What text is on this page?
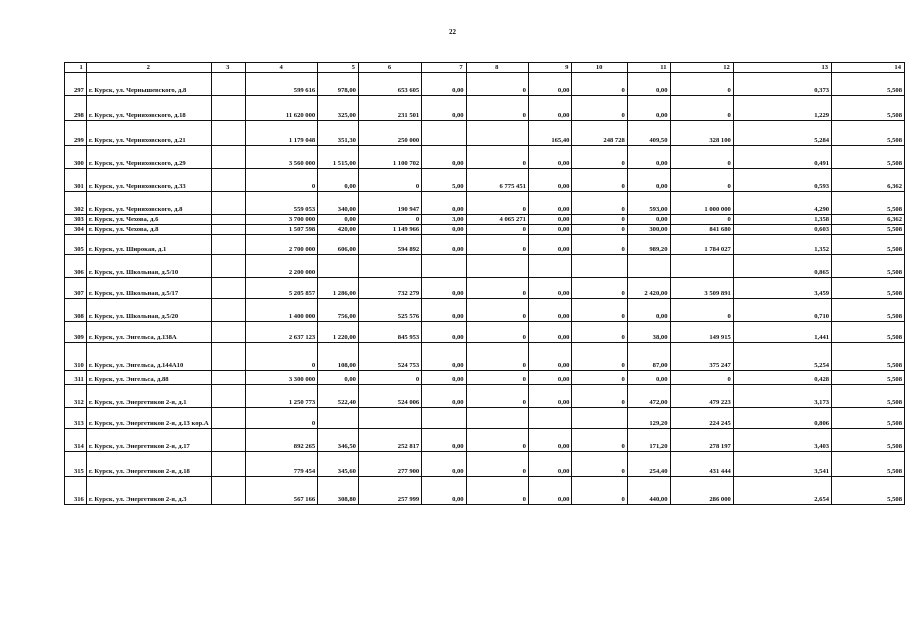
22
1	2	3	4	5	6	7	8	9	10	11	12	13	14
297	г. Курск, ул. Чернышевского, д.8		599 616	978,00	653 605	0,00	0	0,00	0	0,00	0	0,373	5,508
298	г. Курск, ул. Черняховского, д.18		11 620 000	325,00	231 501	0,00	0	0,00	0	0,00	0	1,229	5,508
299	г. Курск, ул. Черняховского, д.21		1 179 048	351,30	250 000			165,40	248 728	409,50	328 100	5,284	5,508
300	г. Курск, ул. Черняховского, д.29		3 560 000	1 515,00	1 100 702	0,00	0	0,00	0	0,00	0	0,491	5,508
301	г. Курск, ул. Черняховского, д.33		0	0,00	0	5,00	6 775 451	0,00	0	0,00	0	0,593	6,362
302	г. Курск, ул. Черняховского, д.8		559 053	340,00	190 947	0,00	0	0,00	0	593,00	1 000 000	4,290	5,508
303	г. Курск, ул. Чехова, д.6		3 700 000	0,00	0	3,00	4 065 271	0,00	0	0,00	0	1,358	6,362
304	г. Курск, ул. Чехова, д.8		1 507 598	420,00	1 149 966	0,00	0	0,00	0	300,00	841 680	0,603	5,508
305	г. Курск, ул. Широкая, д.1		2 700 000	606,00	594 892	0,00	0	0,00	0	989,20	1 784 027	1,352	5,508
306	г. Курск, ул. Школьная, д.5/10		2 200 000									0,865	5,508
307	г. Курск, ул. Школьная, д.5/17		5 205 857	1 286,00	732 279	0,00	0	0,00	0	2 420,00	3 509 891	3,459	5,508
308	г. Курск, ул. Школьная, д.5/20		1 400 000	756,00	525 576	0,00	0	0,00	0	0,00	0	0,710	5,508
309	г. Курск, ул. Энгельса, д.138А		2 637 123	1 220,00	845 953	0,00	0	0,00	0	38,00	149 915	1,441	5,508
310	г. Курск, ул. Энгельса, д.144А10		0	108,00	524 753	0,00	0	0,00	0	87,00	375 247	5,254	5,508
311	г. Курск, ул. Энгельса, д.88		3 300 000	0,00	0	0,00	0	0,00	0	0,00	0	0,428	5,508
312	г. Курск, ул. Энергетиков 2-я, д.1		1 250 773	522,40	524 006	0,00	0	0,00	0	472,00	479 223	3,173	5,508
313	г. Курск, ул. Энергетиков 2-я, д.13 кор.А		0							129,20	224 245	0,806	5,508
314	г. Курск, ул. Энергетиков 2-я, д.17		892 265	346,50	252 817	0,00	0	0,00	0	171,20	278 197	3,403	5,508
315	г. Курск, ул. Энергетиков 2-я, д.18		779 454	345,60	277 900	0,00	0	0,00	0	254,40	431 444	3,541	5,508
316	г. Курск, ул. Энергетиков 2-я, д.3		567 166	308,80	257 999	0,00	0	0,00	0	440,00	286 000	2,654	5,508
